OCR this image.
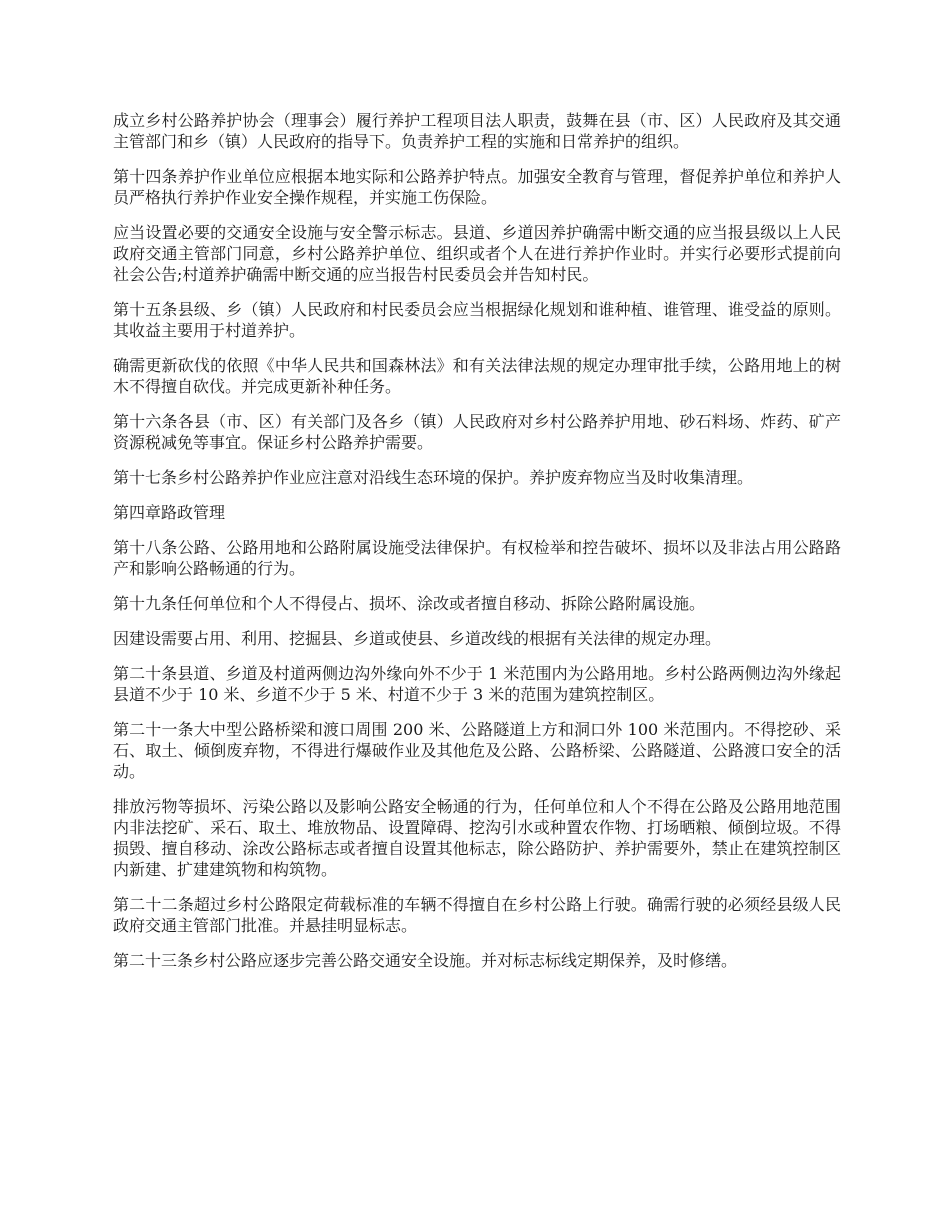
成立乡村公路养护协会（理事会）履行养护工程项目法人职责，鼓舞在县（市、区）人民政府及其交通主管部门和乡（镇）人民政府的指导下。负责养护工程的实施和日常养护的组织。

第十四条养护作业单位应根据本地实际和公路养护特点。加强安全教育与管理，督促养护单位和养护人员严格执行养护作业安全操作规程，并实施工伤保险。

应当设置必要的交通安全设施与安全警示标志。县道、乡道因养护确需中断交通的应当报县级以上人民政府交通主管部门同意，乡村公路养护单位、组织或者个人在进行养护作业时。并实行必要形式提前向社会公告;村道养护确需中断交通的应当报告村民委员会并告知村民。

第十五条县级、乡（镇）人民政府和村民委员会应当根据绿化规划和谁种植、谁管理、谁受益的原则。其收益主要用于村道养护。

确需更新砍伐的依照《中华人民共和国森林法》和有关法律法规的规定办理审批手续，公路用地上的树木不得擅自砍伐。并完成更新补种任务。

第十六条各县（市、区）有关部门及各乡（镇）人民政府对乡村公路养护用地、砂石料场、炸药、矿产资源税减免等事宜。保证乡村公路养护需要。

第十七条乡村公路养护作业应注意对沿线生态环境的保护。养护废弃物应当及时收集清理。

第四章路政管理

第十八条公路、公路用地和公路附属设施受法律保护。有权检举和控告破坏、损坏以及非法占用公路路产和影响公路畅通的行为。

第十九条任何单位和个人不得侵占、损坏、涂改或者擅自移动、拆除公路附属设施。

因建设需要占用、利用、挖掘县、乡道或使县、乡道改线的根据有关法律的规定办理。

第二十条县道、乡道及村道两侧边沟外缘向外不少于 1 米范围内为公路用地。乡村公路两侧边沟外缘起县道不少于 10 米、乡道不少于 5 米、村道不少于 3 米的范围为建筑控制区。

第二十一条大中型公路桥梁和渡口周围 200 米、公路隧道上方和洞口外 100 米范围内。不得挖砂、采石、取土、倾倒废弃物，不得进行爆破作业及其他危及公路、公路桥梁、公路隧道、公路渡口安全的活动。

排放污物等损坏、污染公路以及影响公路安全畅通的行为，任何单位和人个不得在公路及公路用地范围内非法挖矿、采石、取土、堆放物品、设置障碍、挖沟引水或种置农作物、打场晒粮、倾倒垃圾。不得损毁、擅自移动、涂改公路标志或者擅自设置其他标志，除公路防护、养护需要外，禁止在建筑控制区内新建、扩建建筑物和构筑物。

第二十二条超过乡村公路限定荷载标准的车辆不得擅自在乡村公路上行驶。确需行驶的必须经县级人民政府交通主管部门批准。并悬挂明显标志。

第二十三条乡村公路应逐步完善公路交通安全设施。并对标志标线定期保养，及时修缮。
